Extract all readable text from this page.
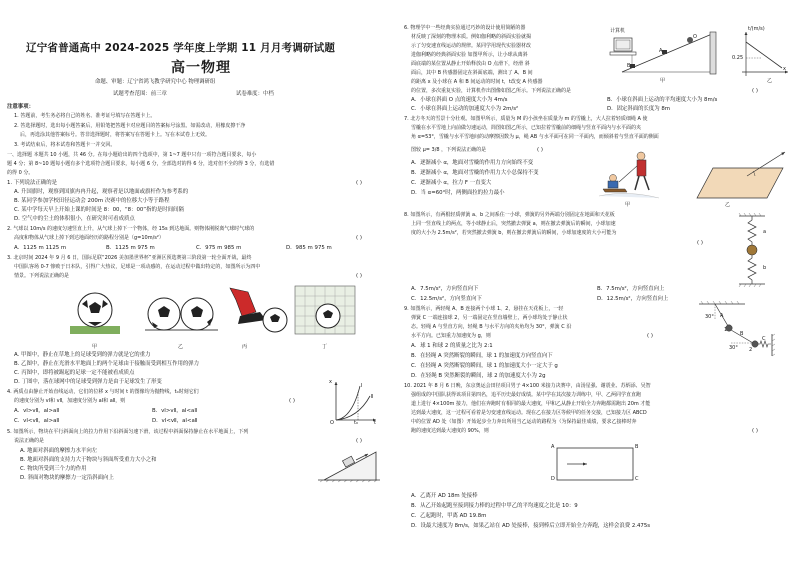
辽宁省普通高中 2024-2025 学年度上学期 11 月月考调研试题
高一物理
命题、审题：辽宁省鸿飞教学研究中心 物理调研组
试题考查范围：前三章	试卷难度：中档
注意事项：
1. 答题前，考生务必将自己的姓名、准考证号填写在答题卡上。
2. 答选择题时，选出每小题答案后，用铅笔把答题卡对应题目的答案标号涂黑。如需改动，用橡皮擦干净
后，再选涂其他答案标号。答非选择题时，将答案写在答题卡上。写在本试卷上无效。
3. 考试结束后，将本试卷和答题卡一并交回。
一、选择题 本题共 10 小题，共 46 分。在每小题给出的四个选项中，第 1~7 题中只有一项符合题目要求，每小
题 4 分；第 8~10 题每小题有多个选项符合题目要求，每小题 6 分，全部选对的得 6 分，选对但不全的得 3 分，有选错
的得 0 分。
1. 下列说法正确的是	( )
A. 升国旗时，观察到国旗冉冉升起，观察者是以地面或旗杆作为参考系的
B. 某同学参加学校田径运动会 200m 决赛中的位移大小等于路程
C. 某中学每天早上开始上课的时间是 8：00，“8：00”指的是时间间隔
D. 空气中的尘土的体积很小，在研究时可看成质点
2. 气球以 10m/s 的速度匀速竖直上升，从气球上掉下一个物体，经 15s 到达地面。则物体刚脱离气球时气球的
高度和物体从气球上掉下到达地面经历的路程分别是（g=10m/s²）	( )
A．1125 m 1125 m	B．1125 m 975 m	C．975 m 985 m	D．985 m 975 m
3. 北京时间 2024 年 9 月 6 日，国际足联“2026 美加墨世界杯”亚洲区预选赛第三阶段第一轮全面开战，最终
中国队客场 0-7 惨败于日本队，引得广大热议，足球是一项动感的，在运动过程中做出特定的，如图所示为四中
情景。下列说法正确的是	( )
甲	乙	丙	丁
A. 甲图中，静止在草地上的足球受到的弹力就是它的重力
B. 乙图中，静止在光滑水平地面上的两个足球由于接触而受到相互作用的弹力
C. 丙图中，即将被踢起的足球一定不能被看成质点
D. 丁图中，落在球网中的足球受到弹力是由于足球发生了形变
4. 两质点由静止开始直线运动，它们的位移 x 与时间 t 的图像均为抛物线，t₀时刻它们
的速度分别为 vⅠ和 vⅡ，加速度分别为 aⅠ和 aⅡ，则	( )
A．vⅠ>vⅡ，aⅠ>aⅡ	B．vⅠ>vⅡ，aⅠ<aⅡ
C．vⅠ<vⅡ，aⅠ>aⅡ	D．vⅠ<vⅡ，aⅠ<aⅡ
x
Ⅰ
Ⅱ
O	t₀	t
5. 如图所示，物块在平行斜面向上的拉力作用下沿斜面匀速下滑，该过程中斜面保持静止在水平地面上，下列
说法正确的是	( )
A. 地面对斜面的摩擦力水平向左
B. 地面对斜面的支持力大于物块与斜面所受重力大小之和
C. 物块所受到三个力的作用
D. 斜面对物块的摩擦力一定沿斜面向上
6. 物理学中一些经典实验通过巧妙的设计使用简陋的器
材反映了深刻的物理本质。例如伽利略的斜面实验就揭
示了匀变速直线运动的规律。某同学用现代实验器材改
进伽利略的经典斜面实验 如图甲所示，让小球从离斜
面底端的某位置从静止开始释放由 O 点滑下，经滑 斜
面后，其中 B 传感器固定在斜面底端，测出了 A、B 间
的距离 x 及小球在 A 和 B 间运动的时间 t，t改变 A 传感器
的位置，多次重复实验，计算机作出图像如图乙所示。下列说法正确的是	( )
计算机
甲	乙
A
B
O
x
t/(m/s)
0.25
A．小球在斜面 O 点的速度大小为 4m/s	B．小球在斜面上运动的平均速度大小为 8m/s
C．小球在斜面上运动的加速度大小为 2m/s²	D．固定斜面的长度为 8m
7. 北方冬天的雪景十分壮观。如图甲所示，质量为 M 的小孩坐在质量为 m 的雪橇上，大人拉着轻质细绳 A 使
雪橇在水平雪地上向前做匀速运动，简图如图乙所示，已知拉着雪橇前的细绳与竖直平面内与水平面的夹
角 α=53°，雪橇与水平雪地间的动摩擦因数为 μ，绳 AB 与水平面可在同一平面内，而倾斜着与竖直平面的侧面
图较 μ= 3/8 ，下列说法正确的是	( )
甲	乙
A．逐渐减小 α，地面对雪橇的作用力方向始终不变
B．逐渐减小 α，地面对雪橇的作用力大小总保持不变
C．逐渐减小 α，拉力 F 一直变大
D．当 α=60°时，两侧面拉的拉力最小
8. 如图所示，有两根轻质弹簧 a、b 之间系住一小球，弹簧的另外两端分别固定在地面和天花板
上同一竖直线上的两点，等小球静止后，突然撤去弹簧 a，则在撤去弹簧后的瞬间，小球加速
度的大小为 2.5m/s²，若突然撤去弹簧 b，则在撤去弹簧后的瞬间，小球加速度的大小可能为
( )
a
b
A．7.5m/s²，方向竖直向下	B．7.5m/s²，方向竖直向上
C．12.5m/s²，方向竖直向下	D．12.5m/s²，方向竖直向上
9. 如图所示，两轻绳 A、B 连接两个小球 1、2，悬挂在天花板上，一轻
弹簧 C 一端连接球 2，另一端固定在竖直墙壁上，两小球均处于静止状
态。轻绳 A 与竖直方向，轻绳 B 与水平方向的夹角均为 30°，弹簧 C 沿
水平方向。已知重力加速度为 g，则	( )
A
1
B
2
C
30°
30°
A．球 1 和球 2 的质量之比为 2:1
B．在轻绳 A 突然断裂的瞬间，球 1 的加速度方向竖直向下
C．在轻绳 A 突然断裂的瞬间，球 1 的加速度大小一定大于 g
D．在轻绳 B 突然断裂的瞬间，球 2 的加速度大小为 2g
10. 2021 年 8 月 6 日晚，东京奥运会田径项目男子 4×100 米接力决赛中，由汤星强、谢震业、苏炳添、吴智
强组成的中国队获得该项目第四名，追平历史最好成绩。某中学在其次接力训练中，甲、乙两同学直直跑
道上进行 4×100m 接力，他们在奔跑时有相同的最大速度，甲和乙从静止开始全力奔跑都需跑出 20m 才能
达到最大速度，这一过程可看着是匀变速直线运动。现在乙在接力区等候甲的任务交接，已知接力区 ABCD
中的位置 AD 处（如图）开始起步全力奔出所用当乙运动的路程为（为保持最佳成绩，要求乙接棒时奔
跑的速度达到最大速度的 90%，则	( )
A	B
C
D
A．乙离开 AD 18m 处接棒
B．从乙开始起跑至接到接力棒的过程中甲乙的平均速度之比是 10：9
C．乙起跑时，甲离 AD 19.8m
D．设最大速度为 8m/s，如果乙站在 AD 处接棒，接到棒后立即开始全力奔跑，这样会浪费 2.475s
